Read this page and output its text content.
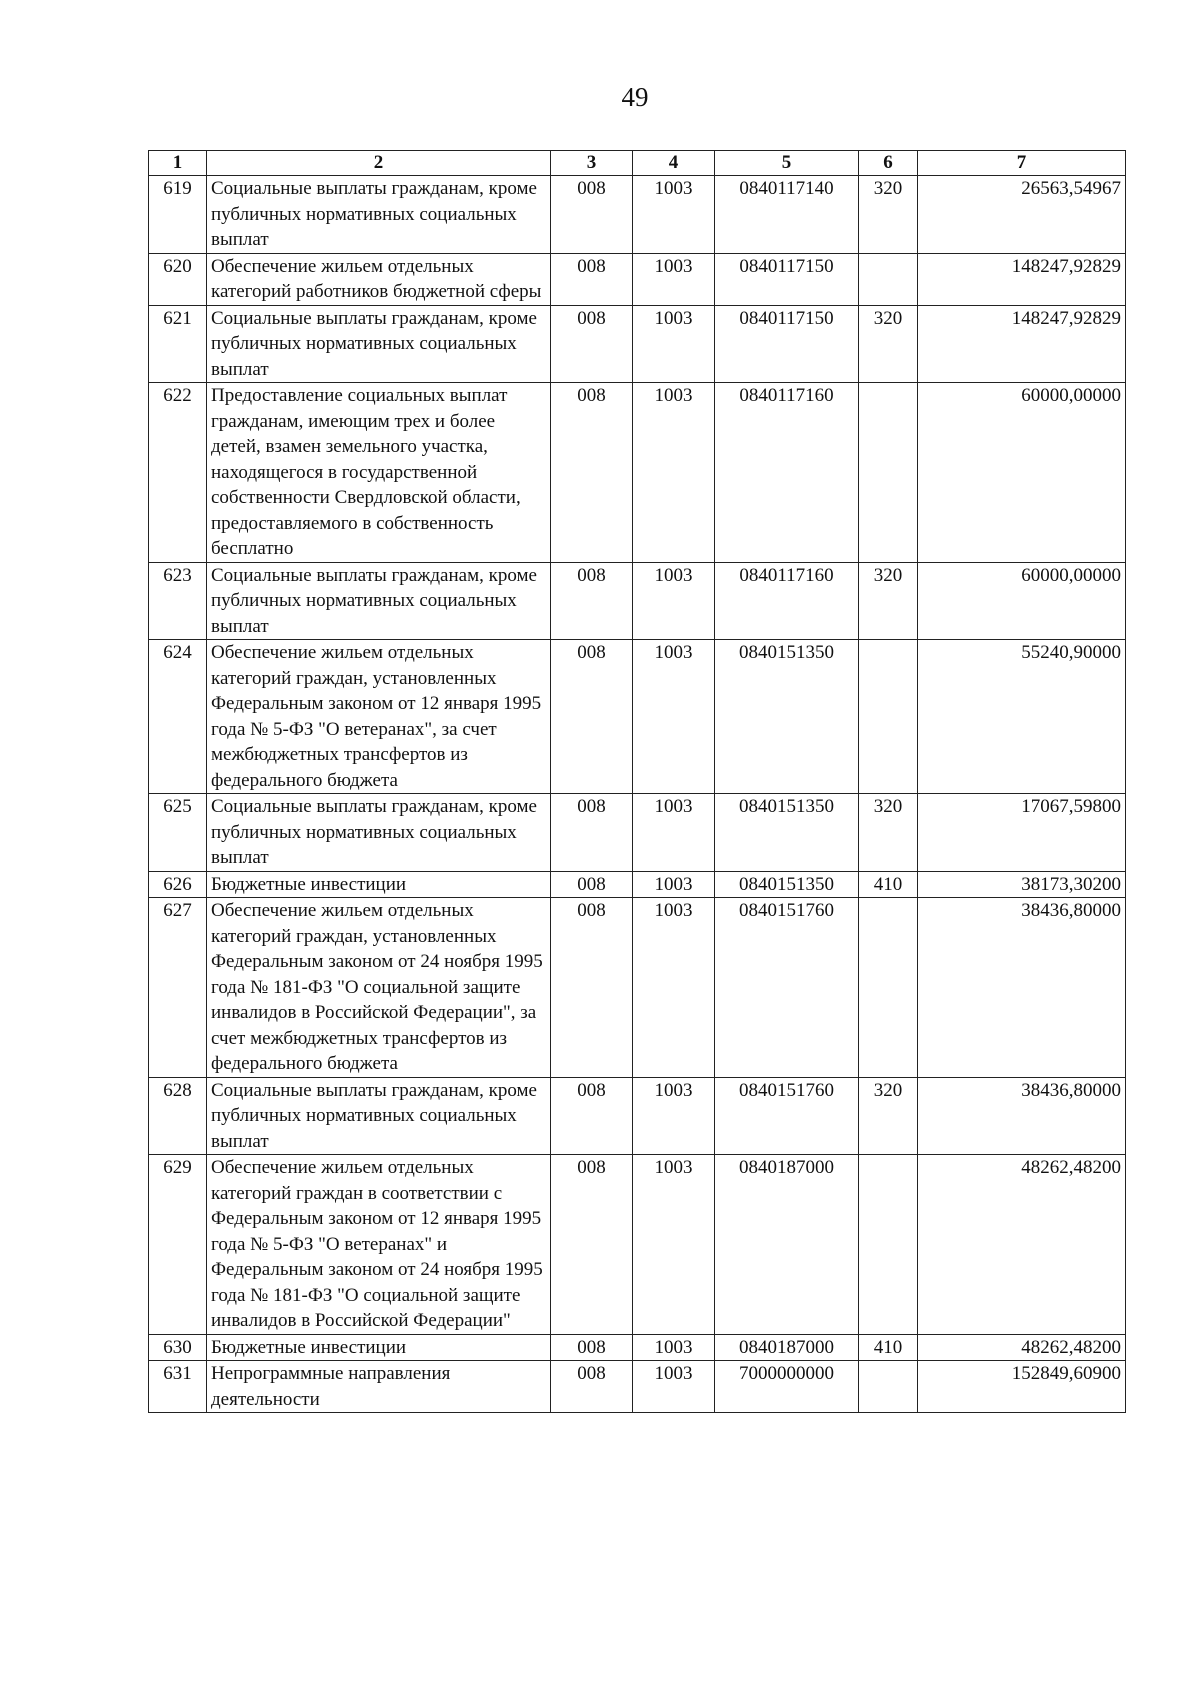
49
1	2	3	4	5	6	7
619	Социальные выплаты гражданам, кроме публичных нормативных социальных выплат	008	1003	0840117140	320	26563,54967
620	Обеспечение жильем отдельных категорий работников бюджетной сферы	008	1003	0840117150		148247,92829
621	Социальные выплаты гражданам, кроме публичных нормативных социальных выплат	008	1003	0840117150	320	148247,92829
622	Предоставление социальных выплат гражданам, имеющим трех и более детей, взамен земельного участка, находящегося в государственной собственности Свердловской области, предоставляемого в собственность бесплатно	008	1003	0840117160		60000,00000
623	Социальные выплаты гражданам, кроме публичных нормативных социальных выплат	008	1003	0840117160	320	60000,00000
624	Обеспечение жильем отдельных категорий граждан, установленных Федеральным законом от 12 января 1995 года № 5-ФЗ "О ветеранах", за счет межбюджетных трансфертов из федерального бюджета	008	1003	0840151350		55240,90000
625	Социальные выплаты гражданам, кроме публичных нормативных социальных выплат	008	1003	0840151350	320	17067,59800
626	Бюджетные инвестиции	008	1003	0840151350	410	38173,30200
627	Обеспечение жильем отдельных категорий граждан, установленных Федеральным законом от 24 ноября 1995 года № 181-ФЗ "О социальной защите инвалидов в Российской Федерации", за счет межбюджетных трансфертов из федерального бюджета	008	1003	0840151760		38436,80000
628	Социальные выплаты гражданам, кроме публичных нормативных социальных выплат	008	1003	0840151760	320	38436,80000
629	Обеспечение жильем отдельных категорий граждан в соответствии с Федеральным законом от 12 января 1995 года № 5-ФЗ "О ветеранах" и Федеральным законом от 24 ноября 1995 года № 181-ФЗ "О социальной защите инвалидов в Российской Федерации"	008	1003	0840187000		48262,48200
630	Бюджетные инвестиции	008	1003	0840187000	410	48262,48200
631	Непрограммные направления деятельности	008	1003	7000000000		152849,60900
